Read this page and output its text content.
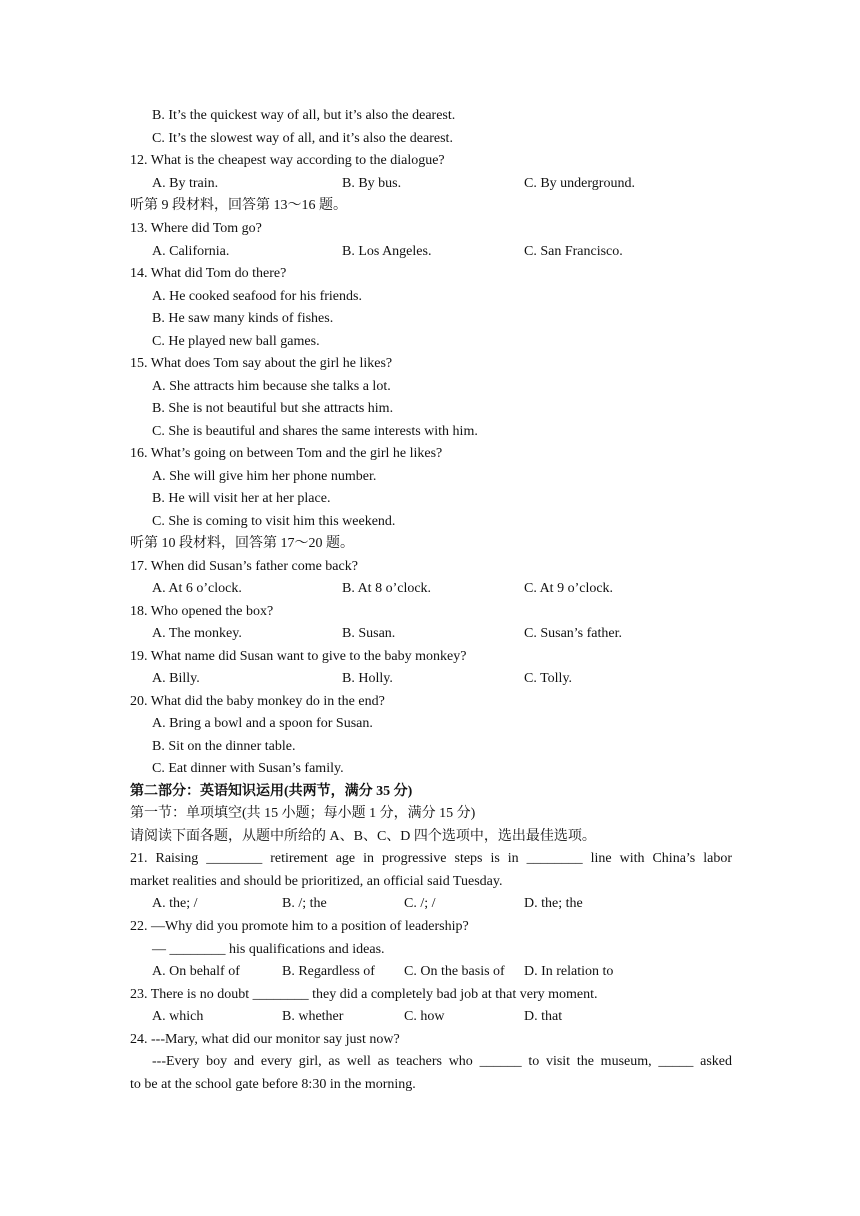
B. It’s the quickest way of all, but it’s also the dearest.
C. It’s the slowest way of all, and it’s also the dearest.
12. What is the cheapest way according to the dialogue?
A. By train.	B. By bus.	C. By underground.
听第 9 段材料，回答第 13～16 题。
13. Where did Tom go?
A. California.	B. Los Angeles.	C. San Francisco.
14. What did Tom do there?
A. He cooked seafood for his friends.
B. He saw many kinds of fishes.
C. He played new ball games.
15. What does Tom say about the girl he likes?
A. She attracts him because she talks a lot.
B. She is not beautiful but she attracts him.
C. She is beautiful and shares the same interests with him.
16. What’s going on between Tom and the girl he likes?
A. She will give him her phone number.
B. He will visit her at her place.
C. She is coming to visit him this weekend.
听第 10 段材料，回答第 17～20 题。
17. When did Susan’s father come back?
A. At 6 o’clock.	B. At 8 o’clock.	C. At 9 o’clock.
18. Who opened the box?
A. The monkey.	B. Susan.	C. Susan’s father.
19. What name did Susan want to give to the baby monkey?
A. Billy.	B. Holly.	C. Tolly.
20. What did the baby monkey do in the end?
A. Bring a bowl and a spoon for Susan.
B. Sit on the dinner table.
C. Eat dinner with Susan’s family.
第二部分：英语知识运用(共两节，满分 35 分)
第一节：单项填空(共 15 小题；每小题 1 分，满分 15 分)
请阅读下面各题，从题中所给的 A、B、C、D 四个选项中，选出最佳选项。
21. Raising ________ retirement age in progressive steps is in ________ line with China’s labor
market realities and should be prioritized, an official said Tuesday.
A. the; /	B. /; the	C. /; /	D. the; the
22. —Why did you promote him to a position of leadership?
— ________ his qualifications and ideas.
A. On behalf of	B. Regardless of C. On the basis of D. In relation to
23. There is no doubt ________ they did a completely bad job at that very moment.
A. which	B. whether	C. how	D. that
24. ---Mary, what did our monitor say just now?
---Every boy and every girl, as well as teachers who ______ to visit the museum, _____ asked
to be at the school gate before 8:30 in the morning.
